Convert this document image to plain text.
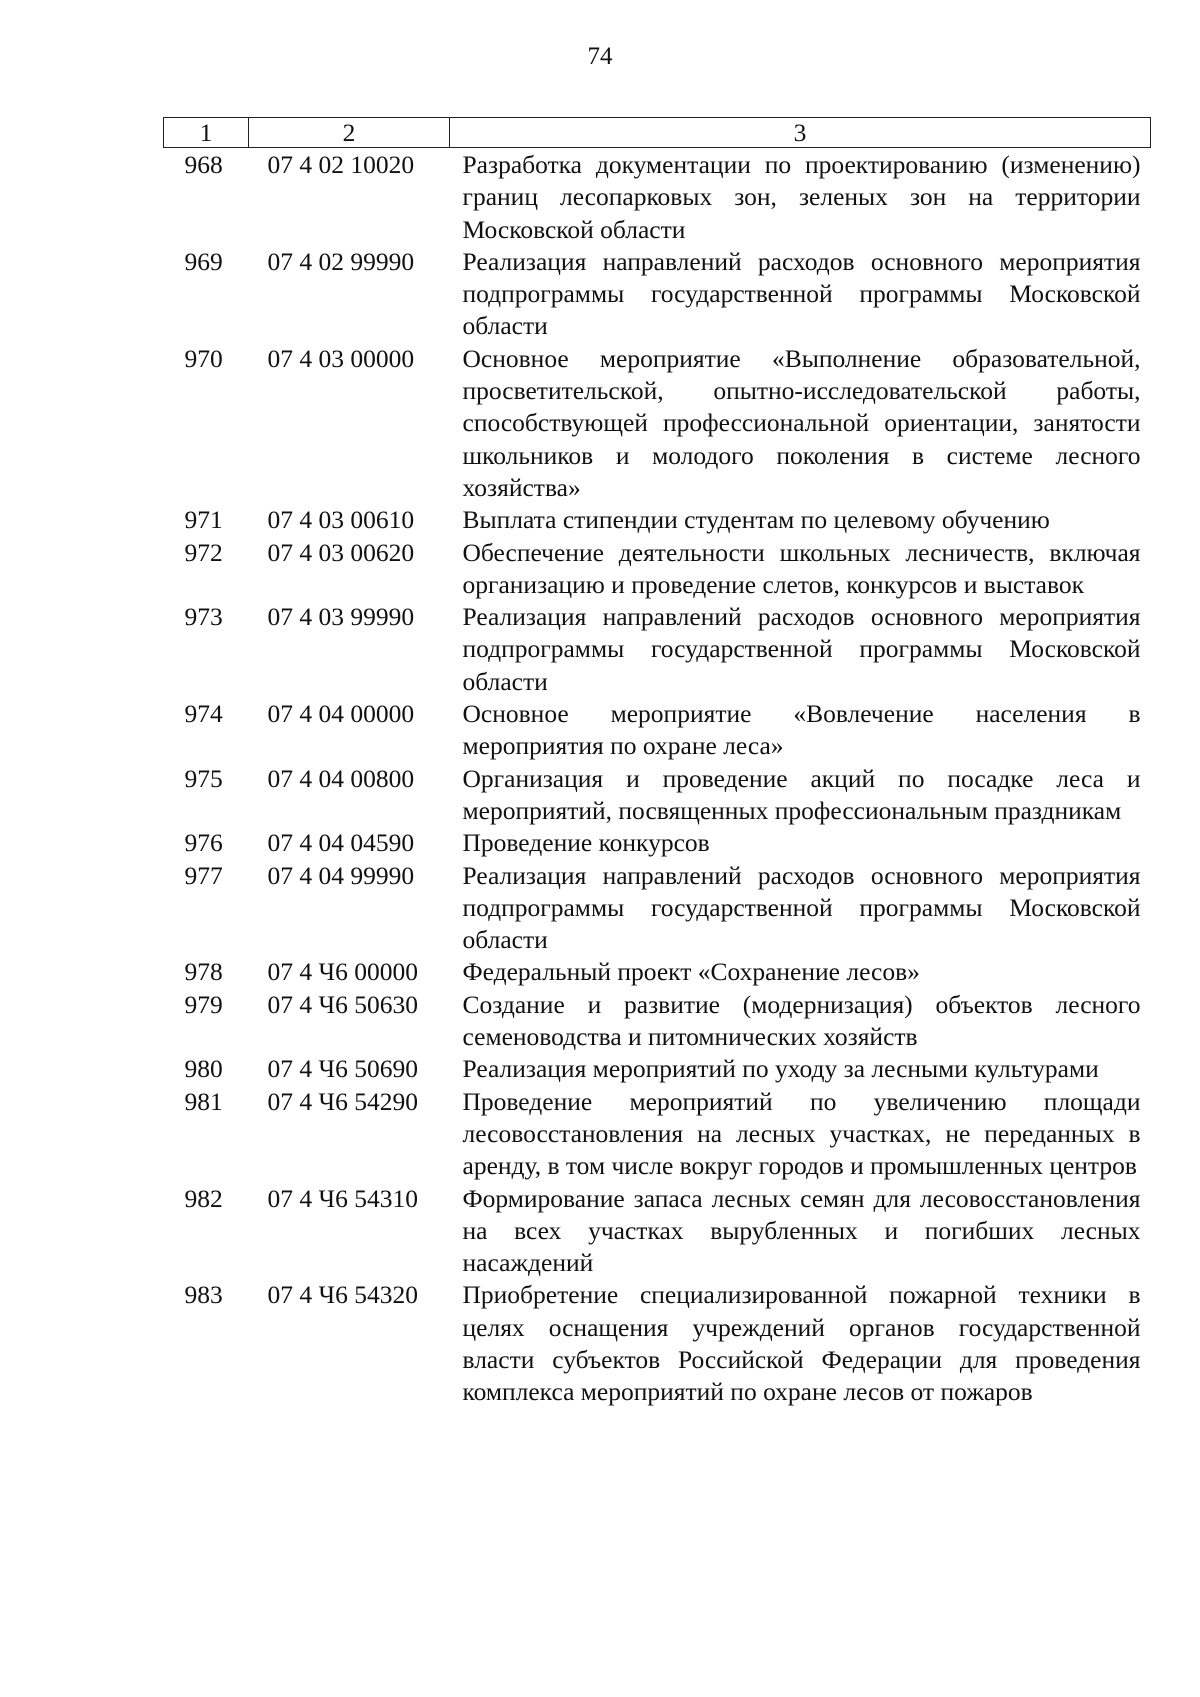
74
1	2	3
968	07 4 02 10020	Разработка документации по проектированию (изменению) границ лесопарковых зон, зеленых зон на территории Московской области
969	07 4 02 99990	Реализация направлений расходов основного мероприятия подпрограммы государственной программы Московской области
970	07 4 03 00000	Основное мероприятие «Выполнение образовательной, просветительской, опытно-исследовательской работы, способствующей профессиональной ориентации, занятости школьников и молодого поколения в системе лесного хозяйства»
971	07 4 03 00610	Выплата стипендии студентам по целевому обучению
972	07 4 03 00620	Обеспечение деятельности школьных лесничеств, включая организацию и проведение слетов, конкурсов и выставок
973	07 4 03 99990	Реализация направлений расходов основного мероприятия подпрограммы государственной программы Московской области
974	07 4 04 00000	Основное мероприятие «Вовлечение населения в мероприятия по охране леса»
975	07 4 04 00800	Организация и проведение акций по посадке леса и мероприятий, посвященных профессиональным праздникам
976	07 4 04 04590	Проведение конкурсов
977	07 4 04 99990	Реализация направлений расходов основного мероприятия подпрограммы государственной программы Московской области
978	07 4 Ч6 00000	Федеральный проект «Сохранение лесов»
979	07 4 Ч6 50630	Создание и развитие (модернизация) объектов лесного семеноводства и питомнических хозяйств
980	07 4 Ч6 50690	Реализация мероприятий по уходу за лесными культурами
981	07 4 Ч6 54290	Проведение мероприятий по увеличению площади лесовосстановления на лесных участках, не переданных в аренду, в том числе вокруг городов и промышленных центров
982	07 4 Ч6 54310	Формирование запаса лесных семян для лесовосстановления на всех участках вырубленных и погибших лесных насаждений
983	07 4 Ч6 54320	Приобретение специализированной пожарной техники в целях оснащения учреждений органов государственной власти субъектов Российской Федерации для проведения комплекса мероприятий по охране лесов от пожаров
